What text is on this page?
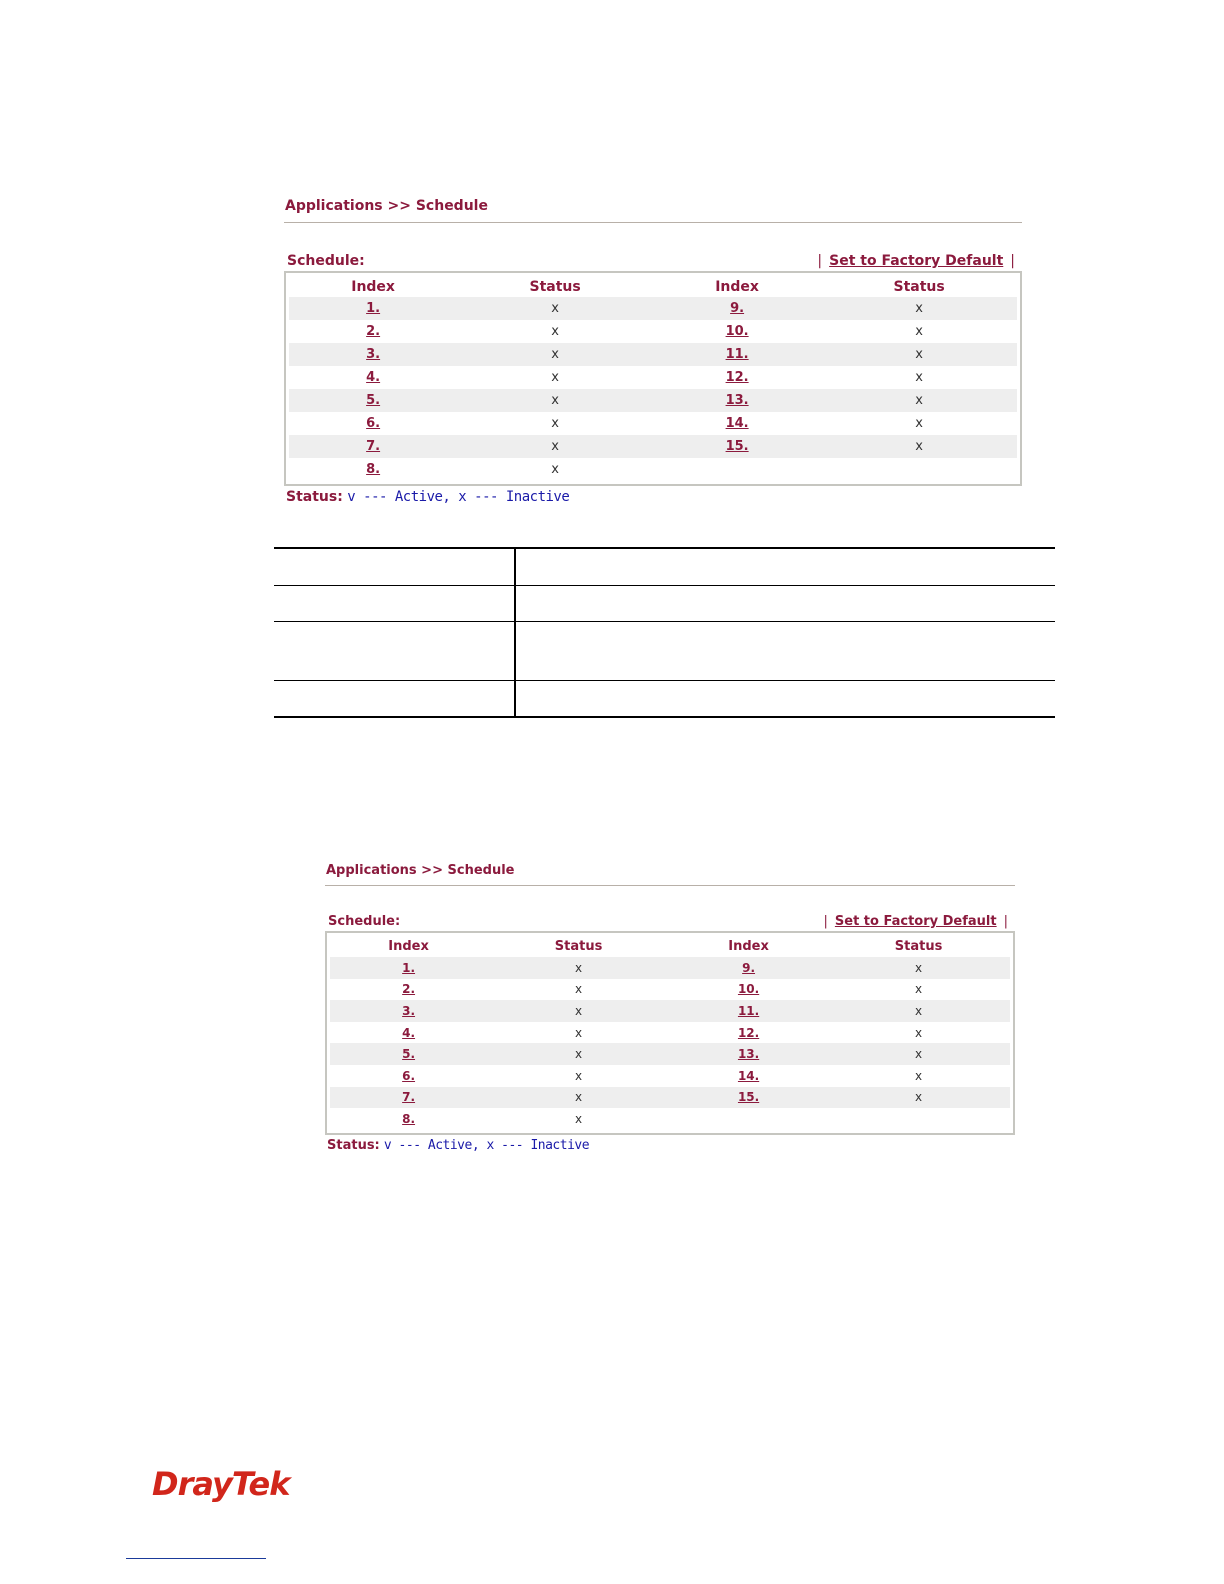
Applications >> Schedule
Schedule:	| Set to Factory Default |
Index	Status	Index	Status
1.	x	9.	x
2.	x	10.	x
3.	x	11.	x
4.	x	12.	x
5.	x	13.	x
6.	x	14.	x
7.	x	15.	x
8.	x		
Status: v --- Active, x --- Inactive

Applications >> Schedule
Schedule:	| Set to Factory Default |
Index	Status	Index	Status
1.	x	9.	x
2.	x	10.	x
3.	x	11.	x
4.	x	12.	x
5.	x	13.	x
6.	x	14.	x
7.	x	15.	x
8.	x		
Status: v --- Active, x --- Inactive
DrayTek
